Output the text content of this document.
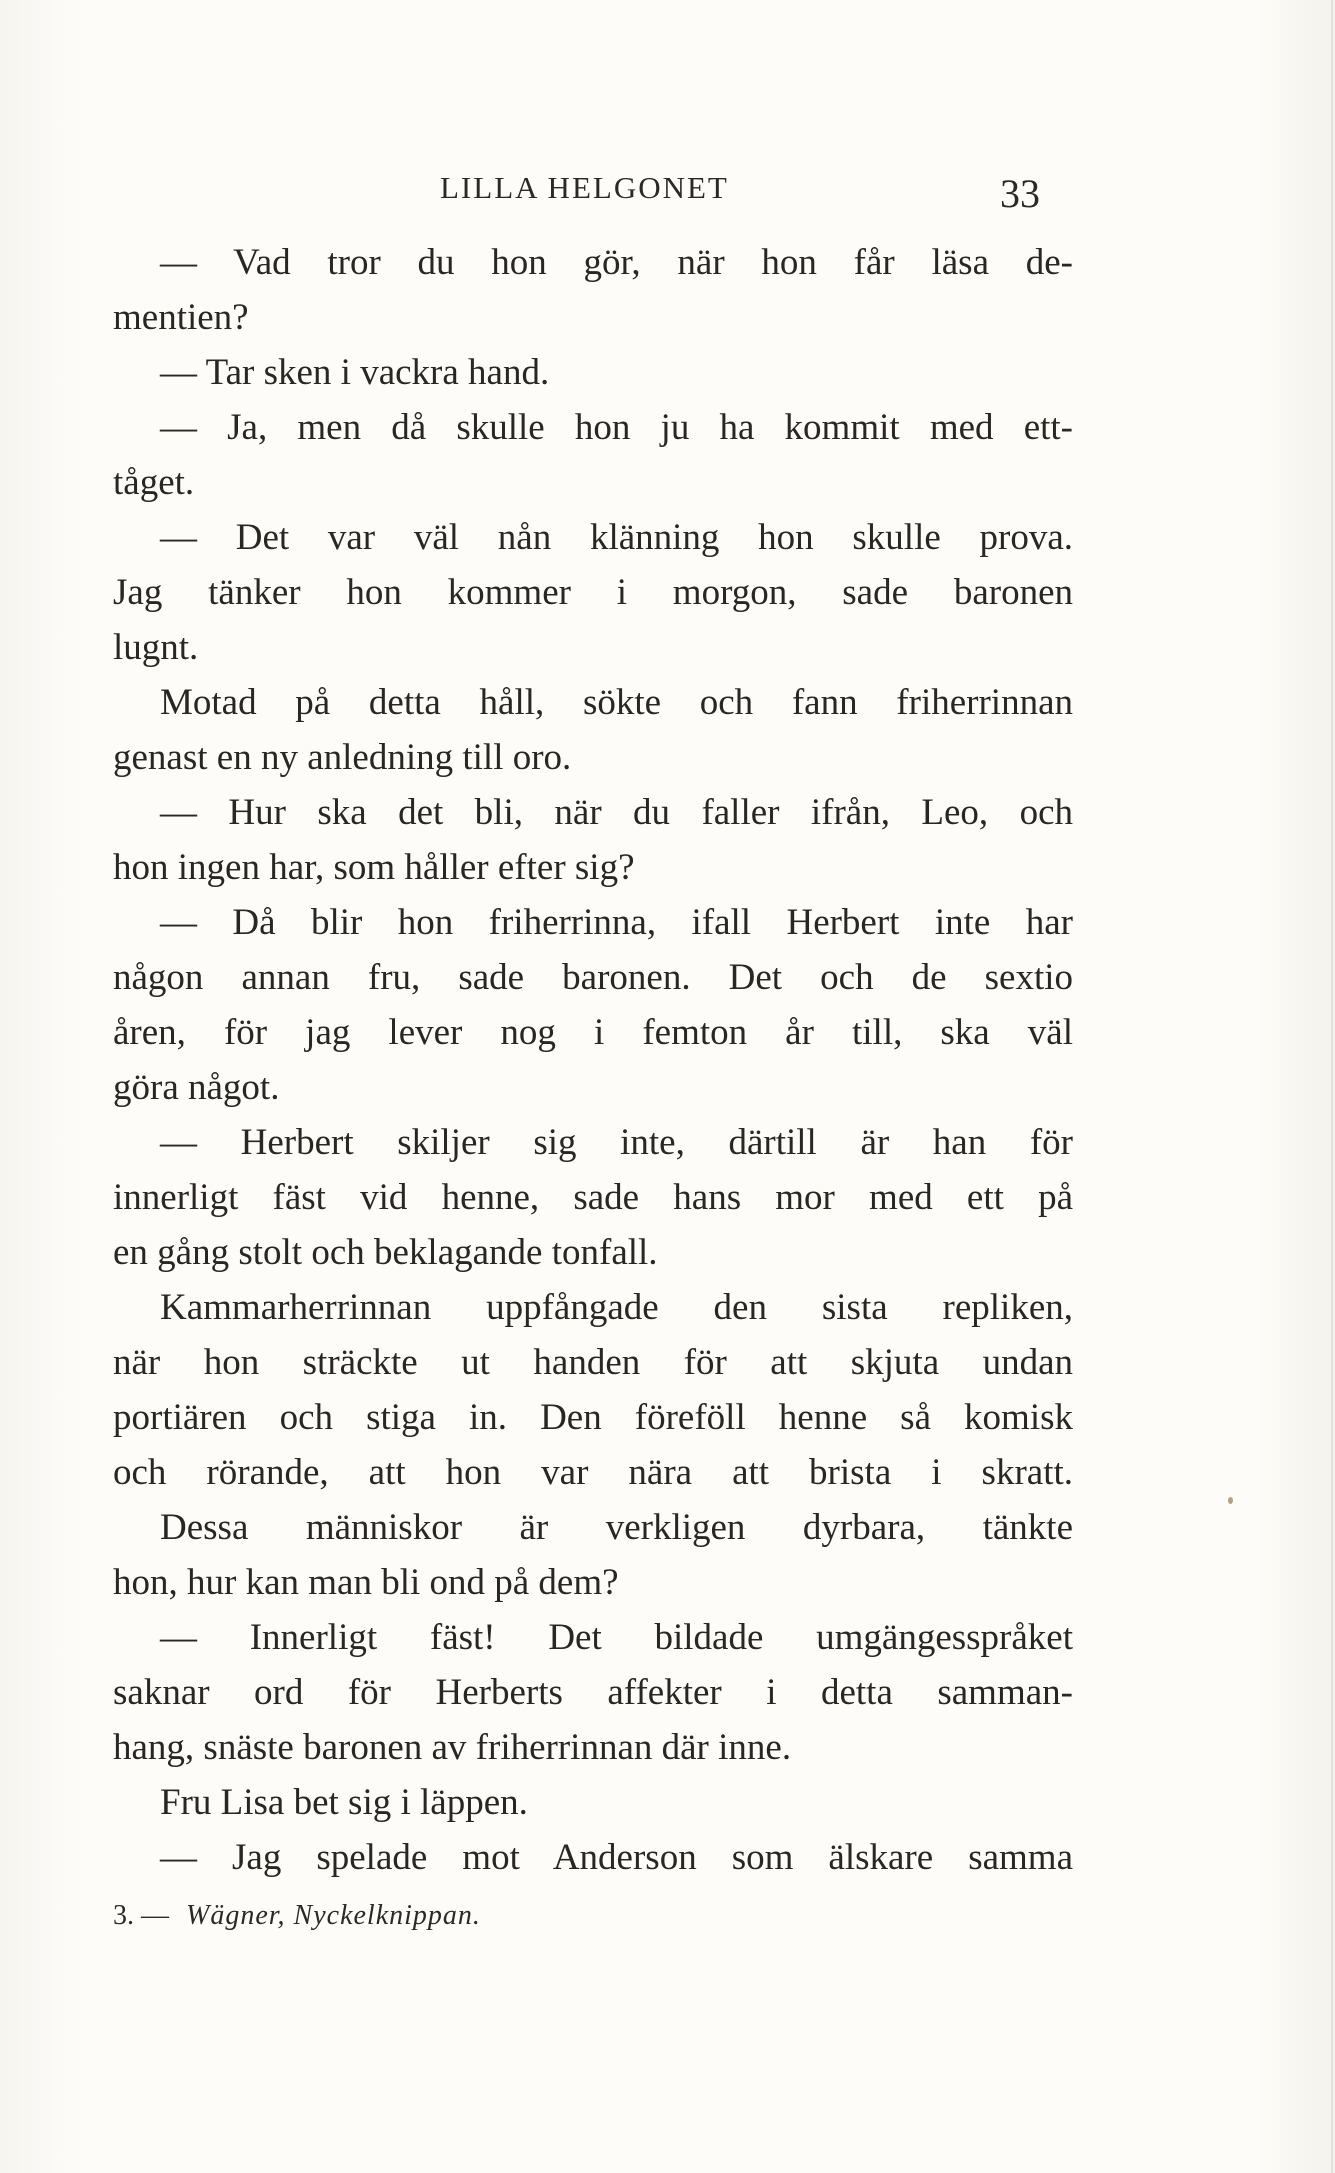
LILLA HELGONET	33
— Vad tror du hon gör, när hon får läsa de-
mentien?
— Tar sken i vackra hand.
— Ja, men då skulle hon ju ha kommit med ett-
tåget.
— Det var väl nån klänning hon skulle prova.
Jag tänker hon kommer i morgon, sade baronen
lugnt.
Motad på detta håll, sökte och fann friherrinnan
genast en ny anledning till oro.
— Hur ska det bli, när du faller ifrån, Leo, och
hon ingen har, som håller efter sig?
— Då blir hon friherrinna, ifall Herbert inte har
någon annan fru, sade baronen. Det och de sextio
åren, för jag lever nog i femton år till, ska väl
göra något.
— Herbert skiljer sig inte, därtill är han för
innerligt fäst vid henne, sade hans mor med ett på
en gång stolt och beklagande tonfall.
Kammarherrinnan uppfångade den sista repliken,
när hon sträckte ut handen för att skjuta undan
portiären och stiga in. Den föreföll henne så komisk
och rörande, att hon var nära att brista i skratt.
Dessa människor är verkligen dyrbara, tänkte
hon, hur kan man bli ond på dem?
— Innerligt fäst! Det bildade umgängesspråket
saknar ord för Herberts affekter i detta samman-
hang, snäste baronen av friherrinnan där inne.
Fru Lisa bet sig i läppen.
— Jag spelade mot Anderson som älskare samma
3. — Wägner, Nyckelknippan.
